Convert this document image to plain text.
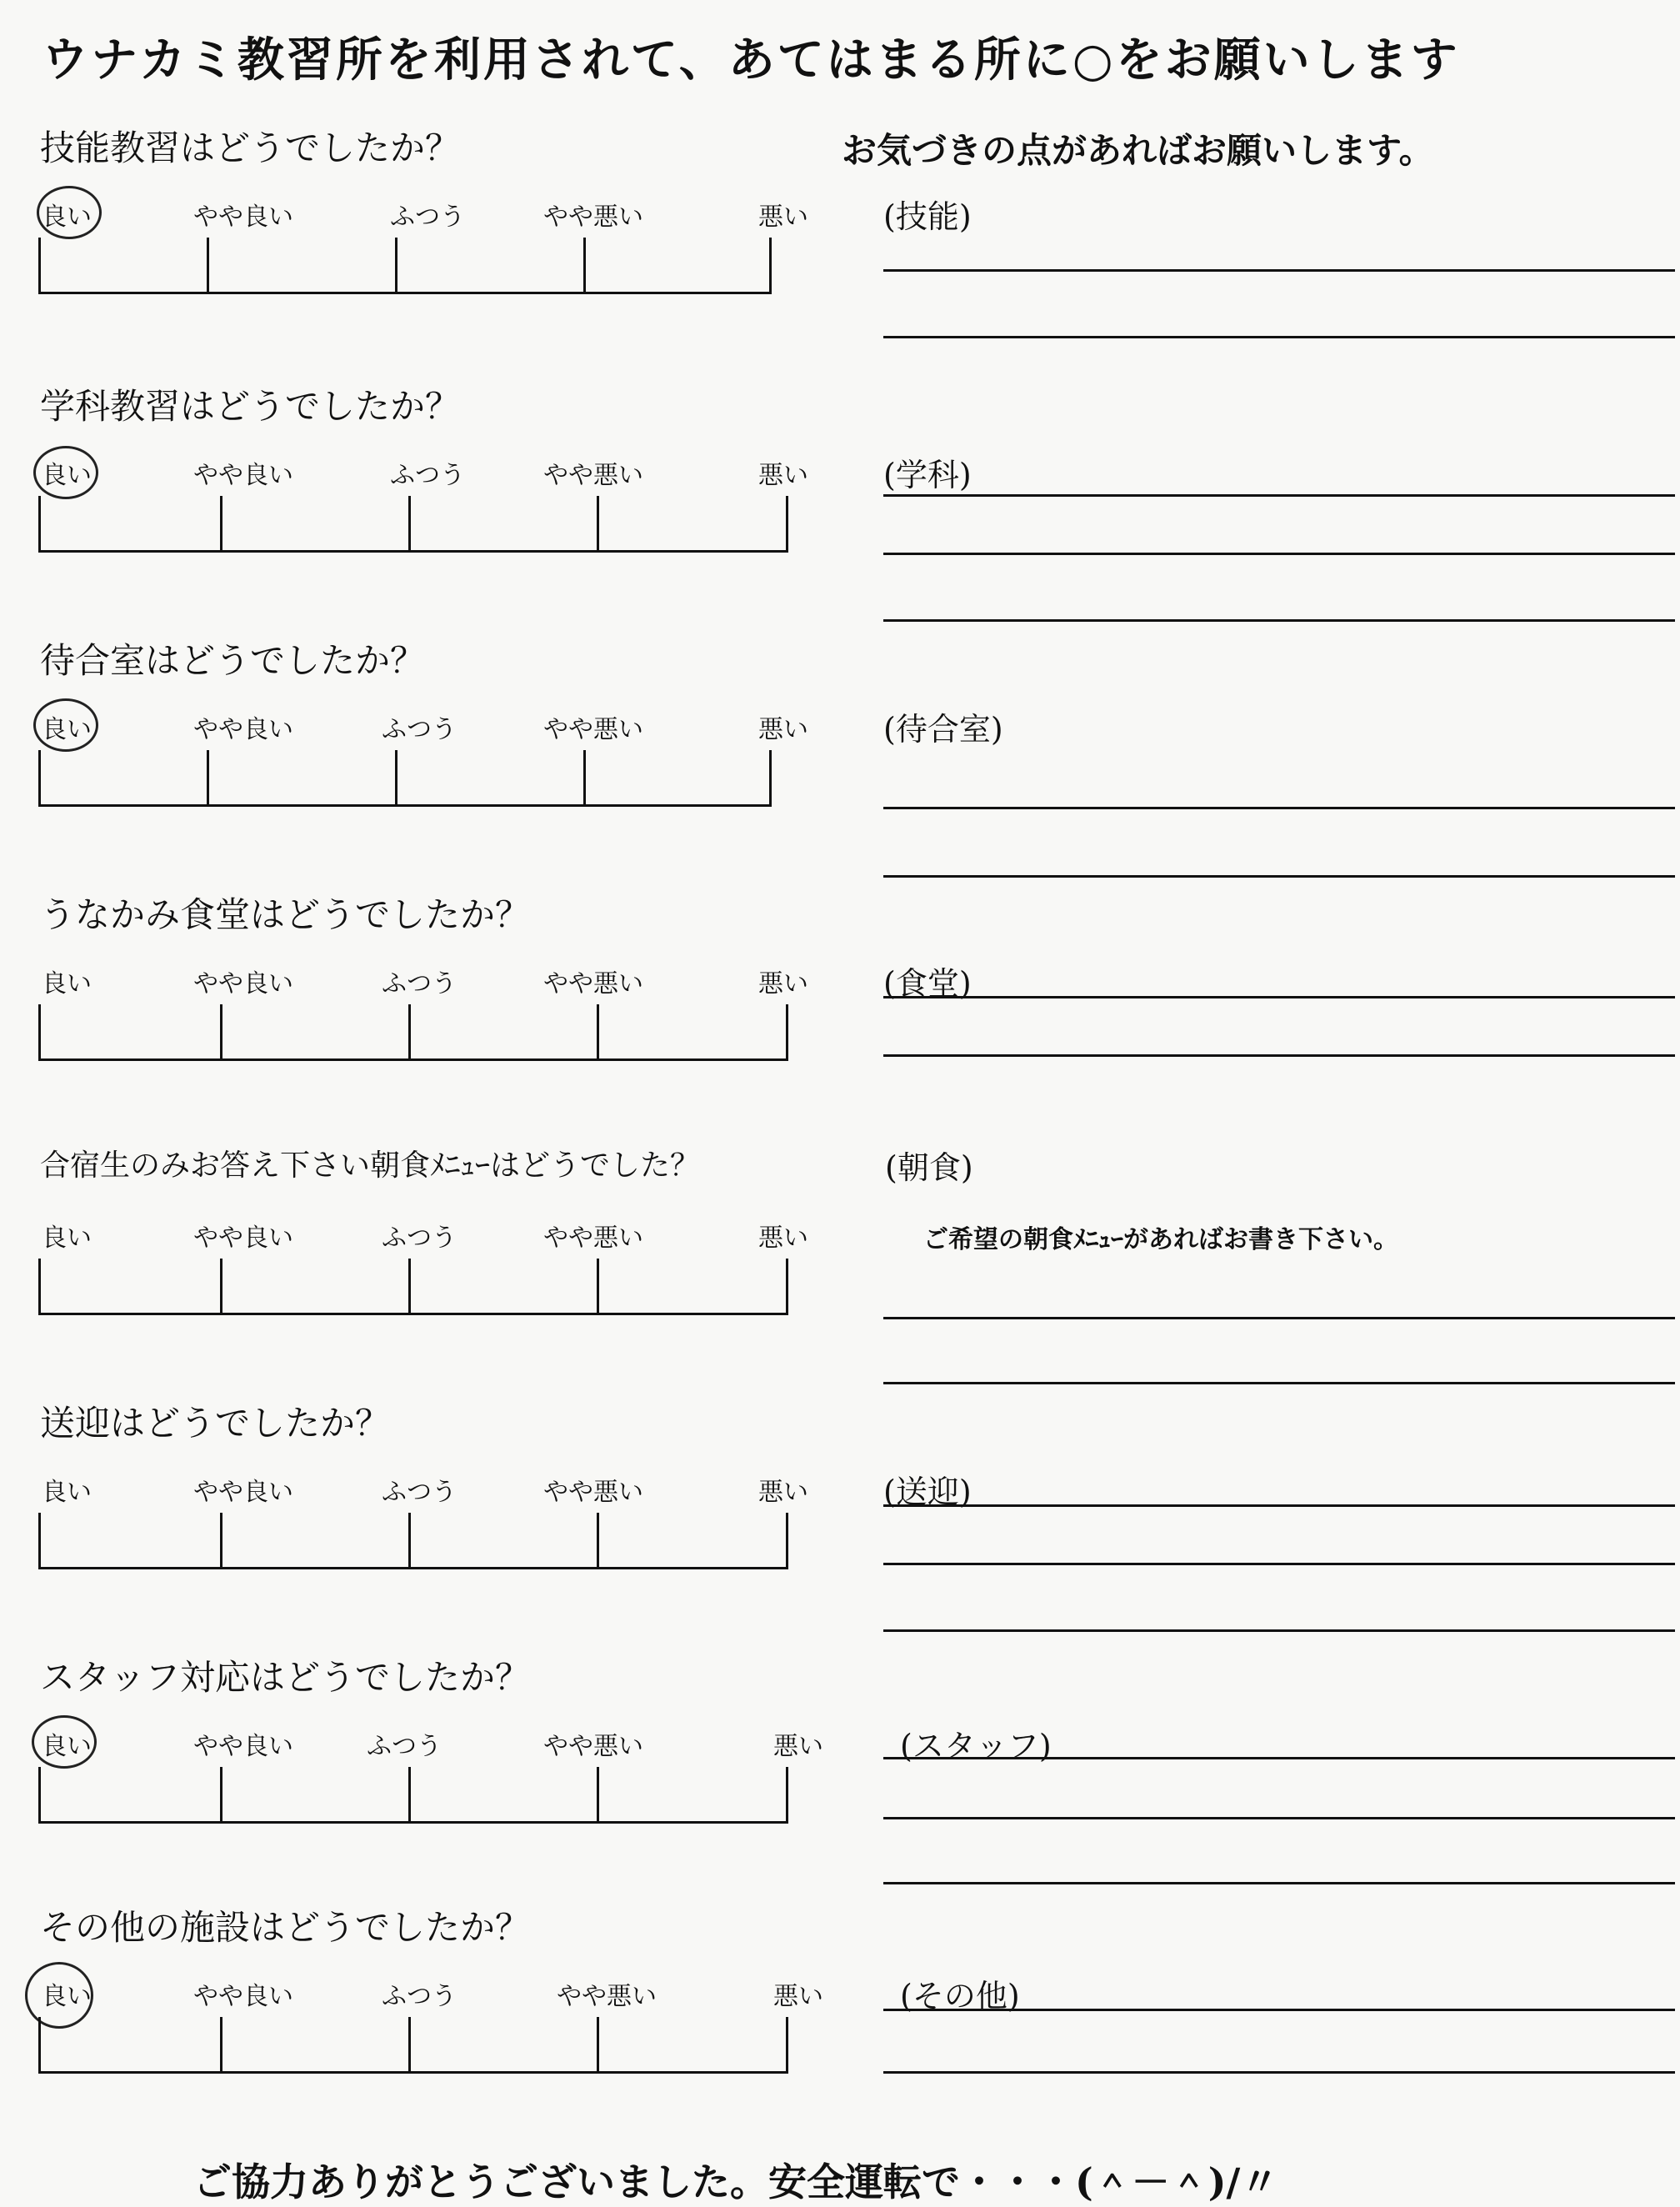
ウナカミ教習所を利用されて、あてはまる所に○をお願いします
お気づきの点があればお願いします。
技能教習はどうでしたか？
良い	やや良い	ふつう	やや悪い	悪い (技能)
学科教習はどうでしたか？
良い	やや良い	ふつう	やや悪い	悪い (学科)
待合室はどうでしたか？
良い	やや良い	ふつう	やや悪い	悪い (待合室)
うなかみ食堂はどうでしたか？
良い	やや良い	ふつう	やや悪い	悪い (食堂)
合宿生のみお答え下さい朝食ﾒﾆｭｰはどうでした？	(朝食)
良い	やや良い	ふつう	やや悪い	悪い	ご希望の朝食ﾒﾆｭｰがあればお書き下さい。
送迎はどうでしたか？
良い	やや良い	ふつう	やや悪い	悪い (送迎)
スタッフ対応はどうでしたか？
良い	やや良い	ふつう	やや悪い	悪い (スタッフ)
その他の施設はどうでしたか？
良い	やや良い	ふつう	やや悪い	悪い (その他)
ご協力ありがとうございました。安全運転で・・・(＾－＾)/〃
